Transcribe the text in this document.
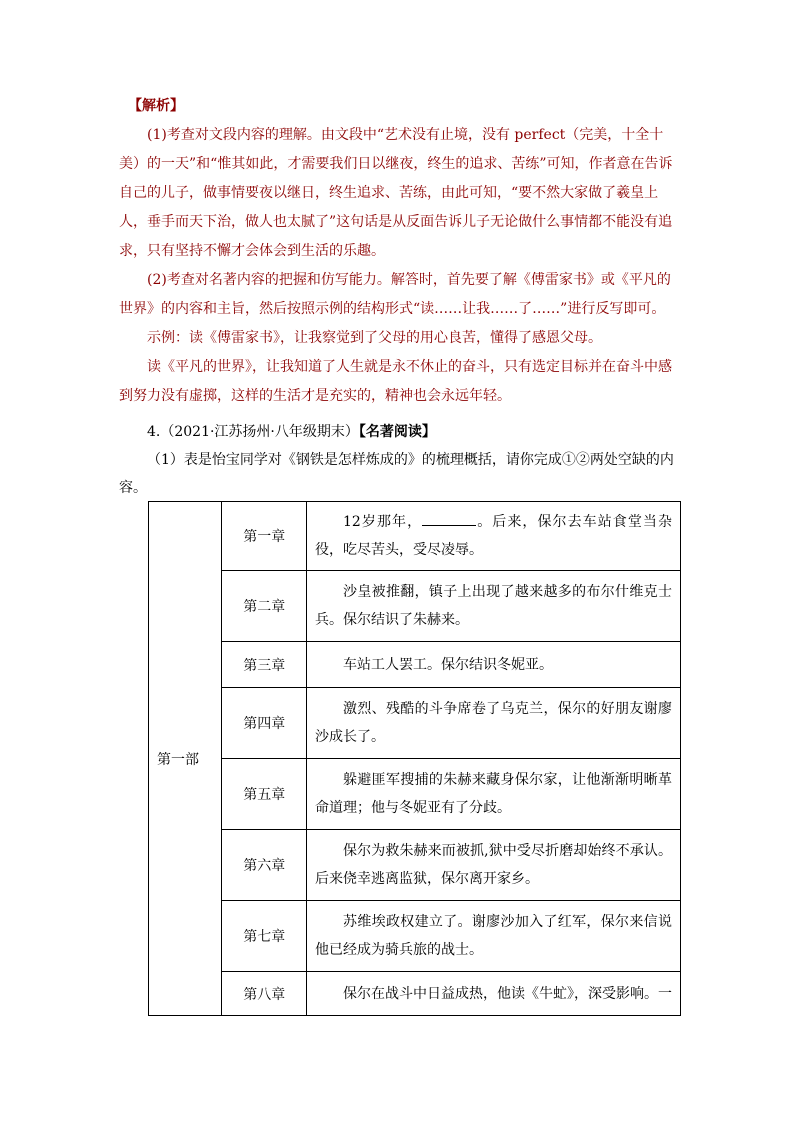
【解析】

(1)考查对文段内容的理解。由文段中“艺术没有止境，没有 perfect（完美，十全十美）的一天”和“惟其如此，才需要我们日以继夜，终生的追求、苦练”可知，作者意在告诉自己的儿子，做事情要夜以继日，终生追求、苦练，由此可知，“要不然大家做了羲皇上人，垂手而天下治，做人也太腻了”这句话是从反面告诉儿子无论做什么事情都不能没有追求，只有坚持不懈才会体会到生活的乐趣。

(2)考查对名著内容的把握和仿写能力。解答时，首先要了解《傅雷家书》或《平凡的世界》的内容和主旨，然后按照示例的结构形式“读……让我……了……”进行反写即可。

示例：读《傅雷家书》，让我察觉到了父母的用心良苦，懂得了感恩父母。

读《平凡的世界》，让我知道了人生就是永不休止的奋斗，只有选定目标并在奋斗中感到努力没有虚掷，这样的生活才是充实的，精神也会永远年轻。

4.（2021·江苏扬州·八年级期末）【名著阅读】

（1）表是怡宝同学对《钢铁是怎样炼成的》的梳理概括，请你完成①②两处空缺的内容。

第一部	第一章	12岁那年， 。后来，保尔去车站食堂当杂役，吃尽苦头，受尽凌辱。
	第二章	沙皇被推翻，镇子上出现了越来越多的布尔什维克士兵。保尔结识了朱赫来。
	第三章	车站工人罢工。保尔结识冬妮亚。
	第四章	激烈、残酷的斗争席卷了乌克兰，保尔的好朋友谢廖沙成长了。
	第五章	躲避匪军搜捕的朱赫来藏身保尔家，让他渐渐明晰革命道理；他与冬妮亚有了分歧。
	第六章	保尔为救朱赫来而被抓,狱中受尽折磨却始终不承认。后来侥幸逃离监狱，保尔离开家乡。
	第七章	苏维埃政权建立了。谢廖沙加入了红军，保尔来信说他已经成为骑兵旅的战士。
	第八章	保尔在战斗中日益成热，他读《牛虻》，深受影响。一
